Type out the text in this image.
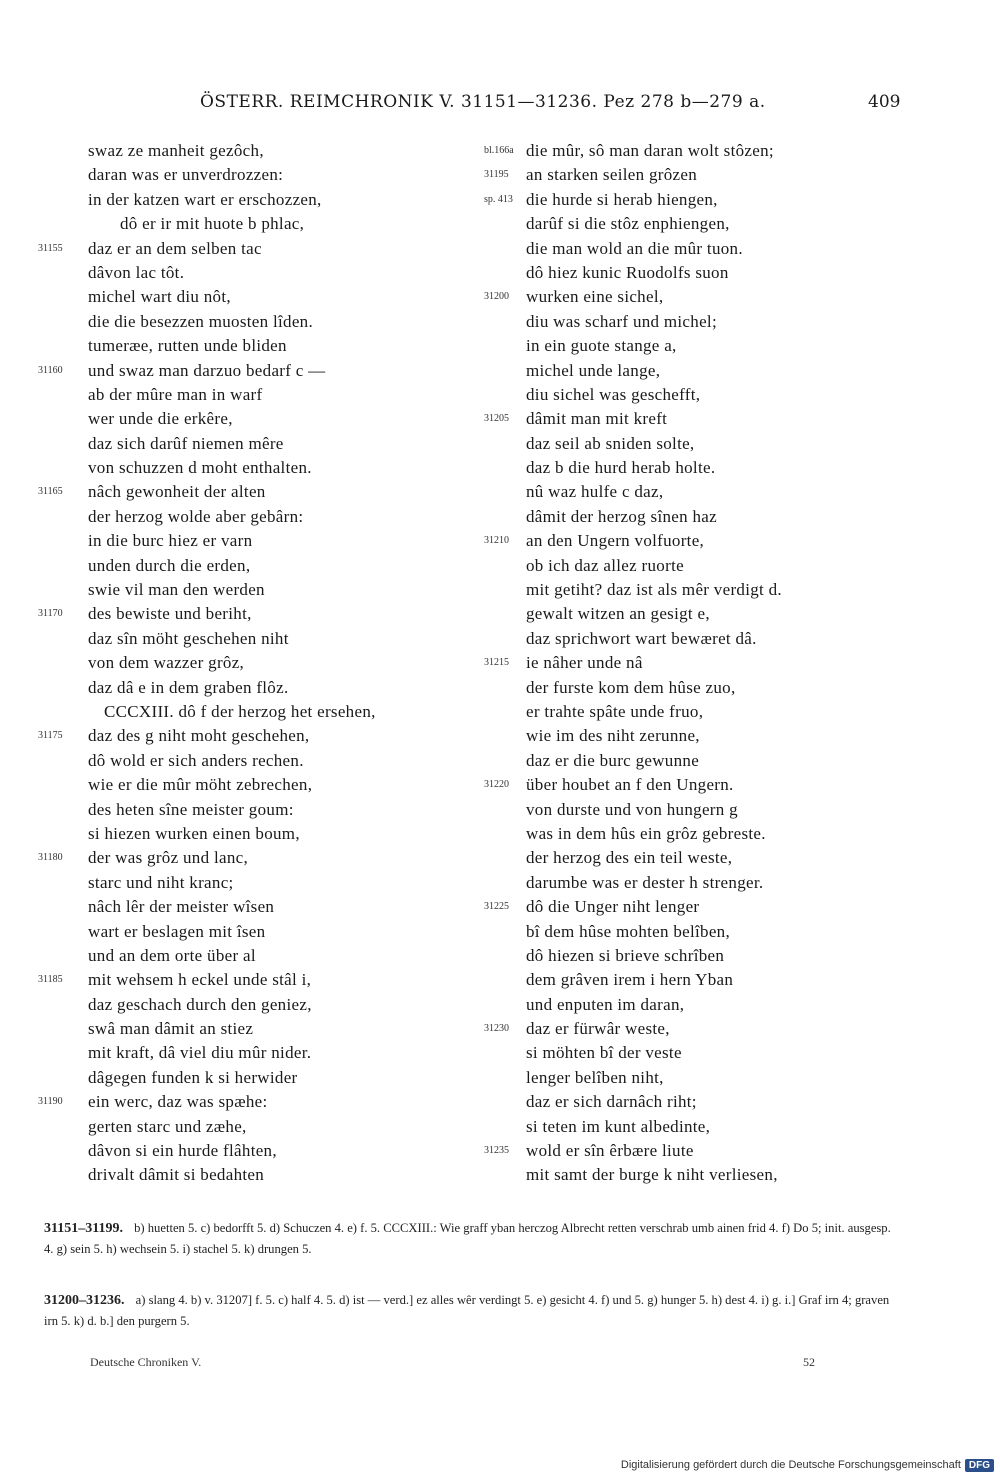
ÖSTERR. REIMCHRONIK V. 31151—31236. Pez 278 b—279 a.	409
swaz ze manheit gezôch,
daran was er unverdrozzen:
in der katzen wart er erschozzen,
dô er ir mit huote b phlac,
31155 daz er an dem selben tac
dâvon lac tôt.
michel wart diu nôt,
die die besezzen muosten lîden.
tumeræe, rutten unde bliden
31160 und swaz man darzuo bedarf c —
ab der mûre man in warf
wer unde die erkêre,
daz sich darûf niemen mêre
von schuzzen d moht enthalten.
31165 nâch gewonheit der alten
der herzog wolde aber gebârn:
in die burc hiez er varn
unden durch die erden,
swie vil man den werden
31170 des bewiste und beriht,
daz sîn möht geschehen niht
von dem wazzer grôz,
daz dâ e in dem graben flôz.
CCCXIII. dô f der herzog het ersehen,
31175 daz des g niht moht geschehen,
dô wold er sich anders rechen.
wie er die mûr möht zebrechen,
des heten sîne meister goum:
si hiezen wurken einen boum,
31180 der was grôz und lanc,
starc und niht kranc;
nâch lêr der meister wîsen
wart er beslagen mit îsen
und an dem orte über al
31185 mit wehsem h eckel unde stâl i,
daz geschach durch den geniez,
swâ man dâmit an stiez
mit kraft, dâ viel diu mûr nider.
dâgegen funden k si herwider
31190 ein werc, daz was spæhe:
gerten starc und zæhe,
dâvon si ein hurde flâhten,
drivalt dâmit si bedahten
bl.166a die mûr, sô man daran wolt stôzen;
31195 an starken seilen grôzen
sp. 413 die hurde si herab hiengen,
darûf si die stôz enphiengen,
die man wold an die mûr tuon.
dô hiez kunic Ruodolfs suon
31200 wurken eine sichel,
diu was scharf und michel;
in ein guote stange a,
michel unde lange,
diu sichel was geschefft,
31205 dâmit man mit kreft
daz seil ab sniden solte,
daz b die hurd herab holte.
nû waz hulfe c daz,
dâmit der herzog sînen haz
31210 an den Ungern volfuorte,
ob ich daz allez ruorte
mit getiht? daz ist als mêr verdigt d.
gewalt witzen an gesigt e,
daz sprichwort wart bewæret dâ.
31215 ie nâher unde nâ
der furste kom dem hûse zuo,
er trahte spâte unde fruo,
wie im des niht zerunne,
daz er die burc gewunne
31220 über houbet an f den Ungern.
von durste und von hungern g
was in dem hûs ein grôz gebreste.
der herzog des ein teil weste,
darumbe was er dester h strenger.
31225 dô die Unger niht lenger
bî dem hûse mohten belîben,
dô hiezen si brieve schrîben
dem grâven irem i hern Yban
und enputen im daran,
31230 daz er fürwâr weste,
si möhten bî der veste
lenger belîben niht,
daz er sich darnâch riht;
si teten im kunt albedinte,
31235 wold er sîn êrbære liute
mit samt der burge k niht verliesen,
31151–31199. b) huetten 5. c) bedorfft 5. d) Schuczen 4. e) f. 5. CCCXIII.: Wie graff yban herczog Albrecht retten verschrab umb ainen frid 4. f) Do 5; init. ausgesp. 4. g) sein 5. h) wechsein 5. i) stachel 5. k) drungen 5.
31200–31236. a) slang 4. b) v. 31207] f. 5. c) half 4. 5. d) ist — verd.] ez alles wêr verdingt 5. e) gesicht 4. f) und 5. g) hunger 5. h) dest 4. i) g. i.] Graf irn 4; graven irn 5. k) d. b.] den purgern 5.
Deutsche Chroniken V.	52
Digitalisierung gefördert durch die Deutsche Forschungsgemeinschaft DFG
